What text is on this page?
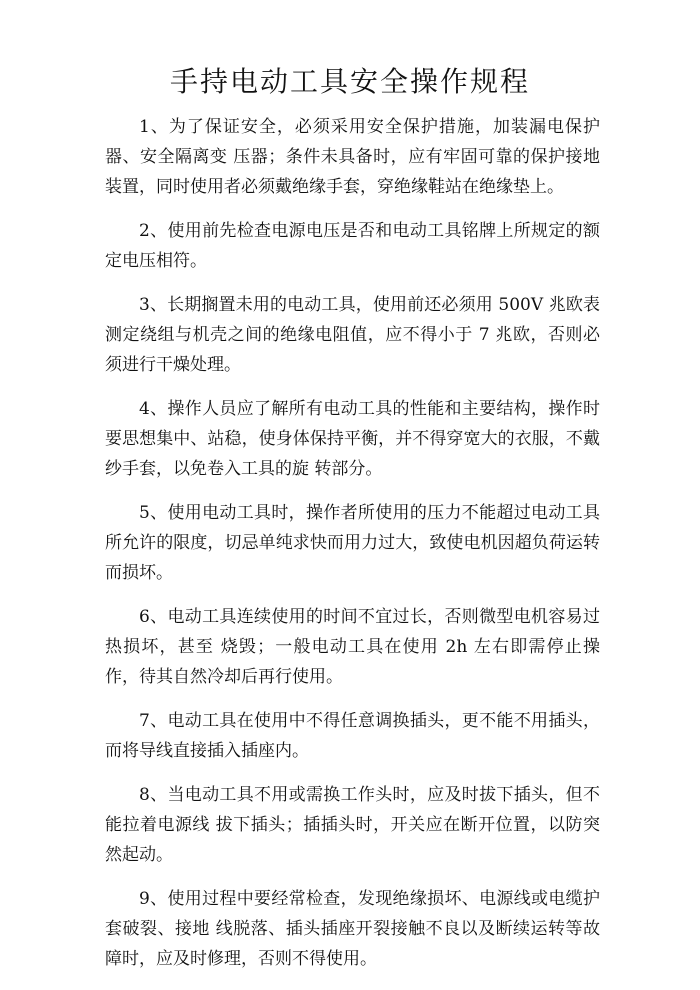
手持电动工具安全操作规程

1、为了保证安全，必须采用安全保护措施，加装漏电保护器、安全隔离变 压器；条件未具备时，应有牢固可靠的保护接地装置，同时使用者必须戴绝缘手套，穿绝缘鞋站在绝缘垫上。

2、使用前先检查电源电压是否和电动工具铭牌上所规定的额定电压相符。

3、长期搁置未用的电动工具，使用前还必须用 500V 兆欧表测定绕组与机壳之间的绝缘电阻值，应不得小于 7 兆欧，否则必须进行干燥处理。

4、操作人员应了解所有电动工具的性能和主要结构，操作时要思想集中、站稳，使身体保持平衡，并不得穿宽大的衣服，不戴纱手套，以免卷入工具的旋 转部分。

5、使用电动工具时，操作者所使用的压力不能超过电动工具所允许的限度，切忌单纯求快而用力过大，致使电机因超负荷运转而损坏。

6、电动工具连续使用的时间不宜过长，否则微型电机容易过热损坏，甚至 烧毁；一般电动工具在使用 2h 左右即需停止操作，待其自然冷却后再行使用。

7、电动工具在使用中不得任意调换插头，更不能不用插头，而将导线直接插入插座内。

8、当电动工具不用或需换工作头时，应及时拔下插头，但不能拉着电源线 拔下插头；插插头时，开关应在断开位置，以防突然起动。

9、使用过程中要经常检查，发现绝缘损坏、电源线或电缆护套破裂、接地 线脱落、插头插座开裂接触不良以及断续运转等故障时，应及时修理，否则不得使用。
